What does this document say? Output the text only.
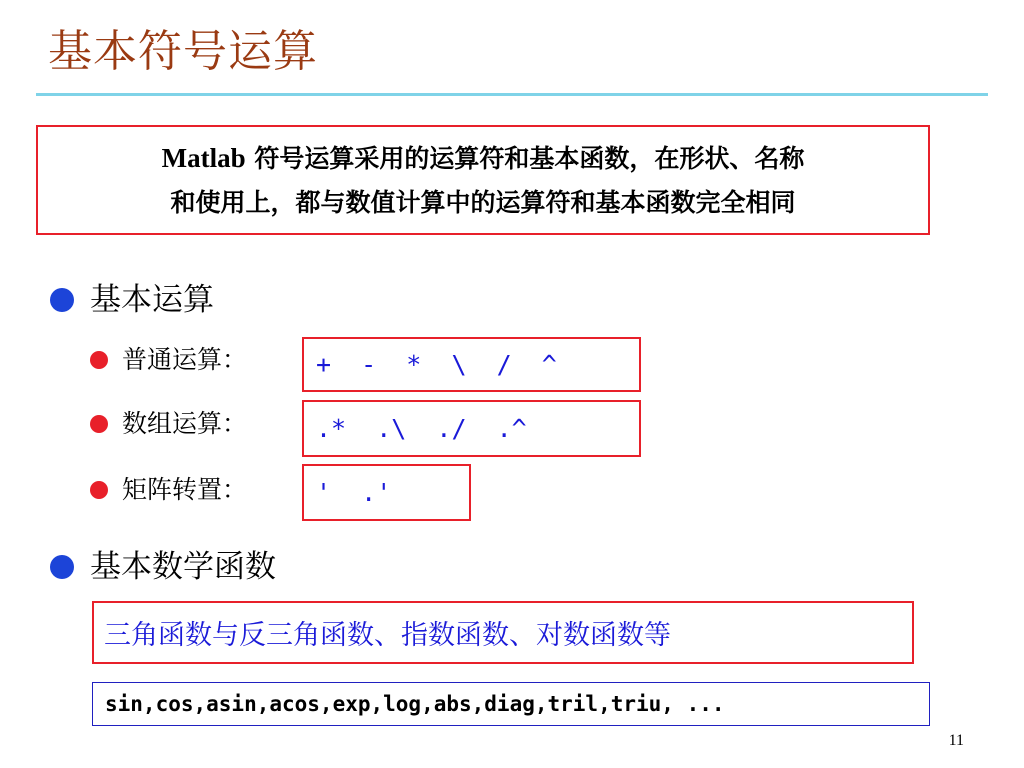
基本符号运算
Matlab 符号运算采用的运算符和基本函数，在形状、名称
和使用上，都与数值计算中的运算符和基本函数完全相同
基本运算
普通运算：	+  -  *  \  /  ^
数组运算：	.*  .\  ./  .^
矩阵转置：	'  .'
基本数学函数
三角函数与反三角函数、指数函数、对数函数等
sin,cos,asin,acos,exp,log,abs,diag,tril,triu, ...
11
